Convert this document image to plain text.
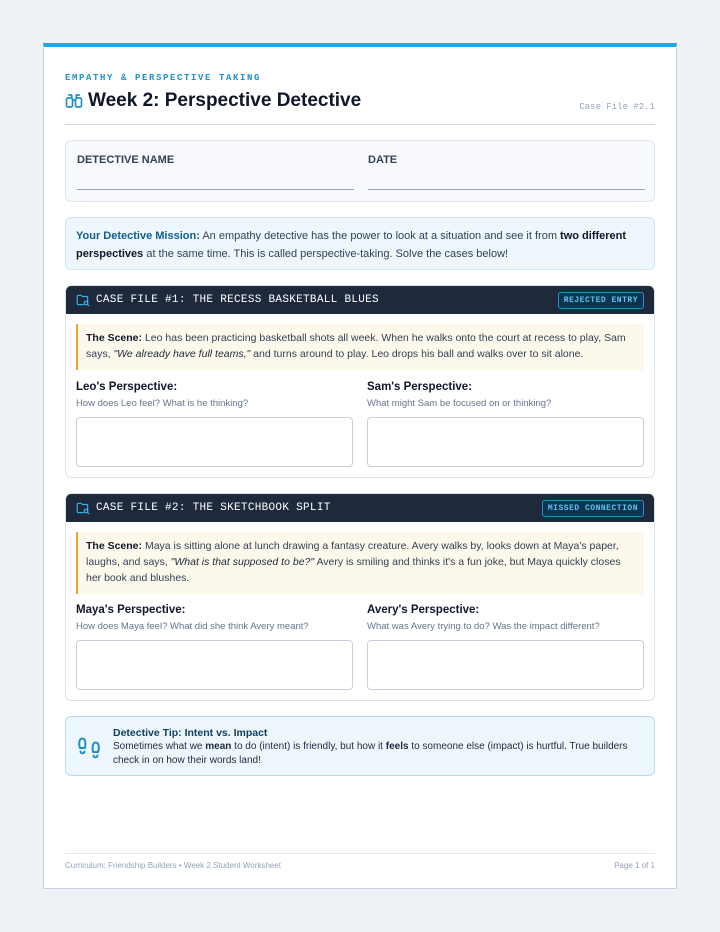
EMPATHY & PERSPECTIVE TAKING
Week 2: Perspective Detective	Case File #2.1
DETECTIVE NAME	DATE
Your Detective Mission: An empathy detective has the power to look at a situation and see it from two different perspectives at the same time. This is called perspective-taking. Solve the cases below!
CASE FILE #1: THE RECESS BASKETBALL BLUES	REJECTED ENTRY
The Scene: Leo has been practicing basketball shots all week. When he walks onto the court at recess to play, Sam says, "We already have full teams," and turns around to play. Leo drops his ball and walks over to sit alone.
Leo's Perspective:
How does Leo feel? What is he thinking?
Sam's Perspective:
What might Sam be focused on or thinking?
CASE FILE #2: THE SKETCHBOOK SPLIT	MISSED CONNECTION
The Scene: Maya is sitting alone at lunch drawing a fantasy creature. Avery walks by, looks down at Maya's paper, laughs, and says, "What is that supposed to be?" Avery is smiling and thinks it's a fun joke, but Maya quickly closes her book and blushes.
Maya's Perspective:
How does Maya feel? What did she think Avery meant?
Avery's Perspective:
What was Avery trying to do? Was the impact different?
Detective Tip: Intent vs. Impact
Sometimes what we mean to do (intent) is friendly, but how it feels to someone else (impact) is hurtful. True builders check in on how their words land!
Curriculum: Friendship Builders • Week 2 Student Worksheet	Page 1 of 1
